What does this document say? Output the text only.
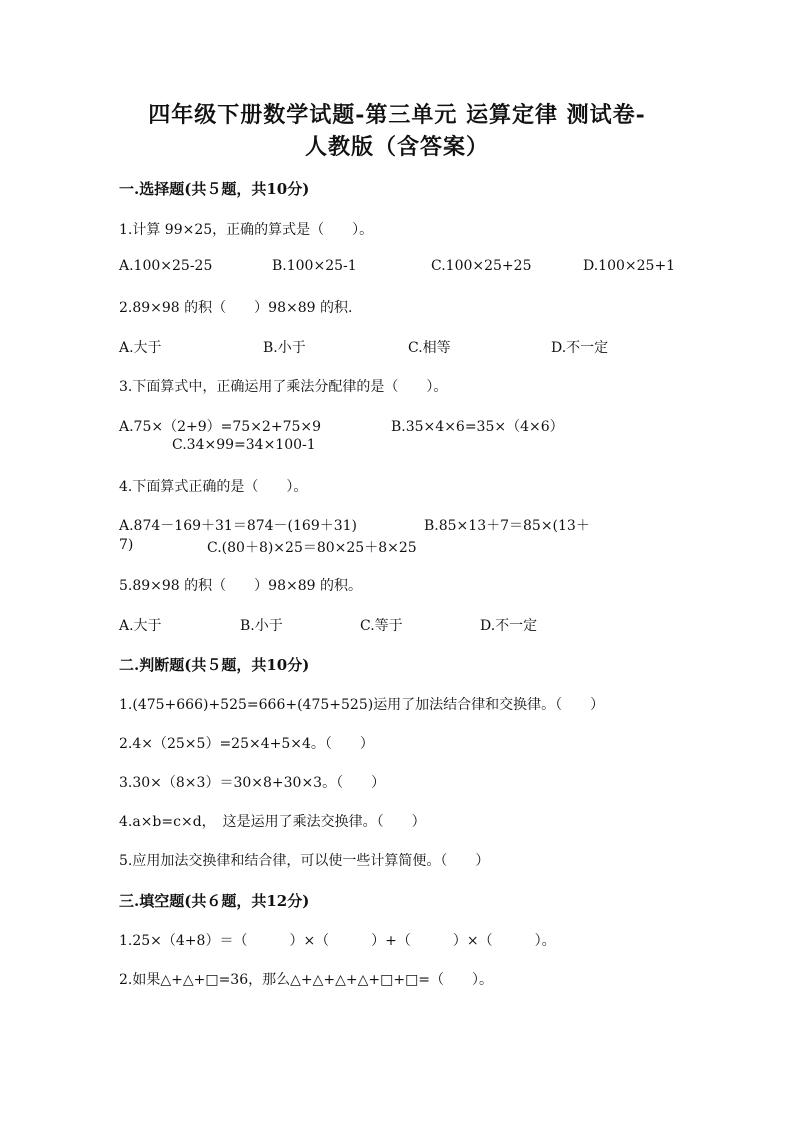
四年级下册数学试题-第三单元 运算定律 测试卷-
人教版（含答案）
一.选择题(共５题，共10分)
1.计算 99×25，正确的算式是（　　）。
A.100×25-25	B.100×25-1	C.100×25+25	D.100×25+1
2.89×98 的积（　　）98×89 的积.
A.大于	B.小于	C.相等	D.不一定
3.下面算式中，正确运用了乘法分配律的是（　　）。
A.75×（2+9）=75×2+75×9	B.35×4×6=35×（4×6）
C.34×99=34×100-1
4.下面算式正确的是（　　）。
A.874－169＋31＝874－(169＋31)	B.85×13＋7＝85×(13＋
7)	C.(80＋8)×25＝80×25＋8×25
5.89×98 的积（　　）98×89 的积。
A.大于	B.小于	C.等于	D.不一定
二.判断题(共５题，共10分)
1.(475+666)+525=666+(475+525)运用了加法结合律和交换律。（　　）
2.4×（25×5）=25×4+5×4。（　　）
3.30×（8×3）＝30×8+30×3。（　　）
4.a×b=c×d，　这是运用了乘法交换律。（　　）
5.应用加法交换律和结合律，可以使一些计算简便。（　　）
三.填空题(共６题，共12分)
1.25×（4+8）＝（　　　）×（　　　）+（　　　）×（　　　）。
2.如果△+△+□=36，那么△+△+△+△+□+□=（　　）。
